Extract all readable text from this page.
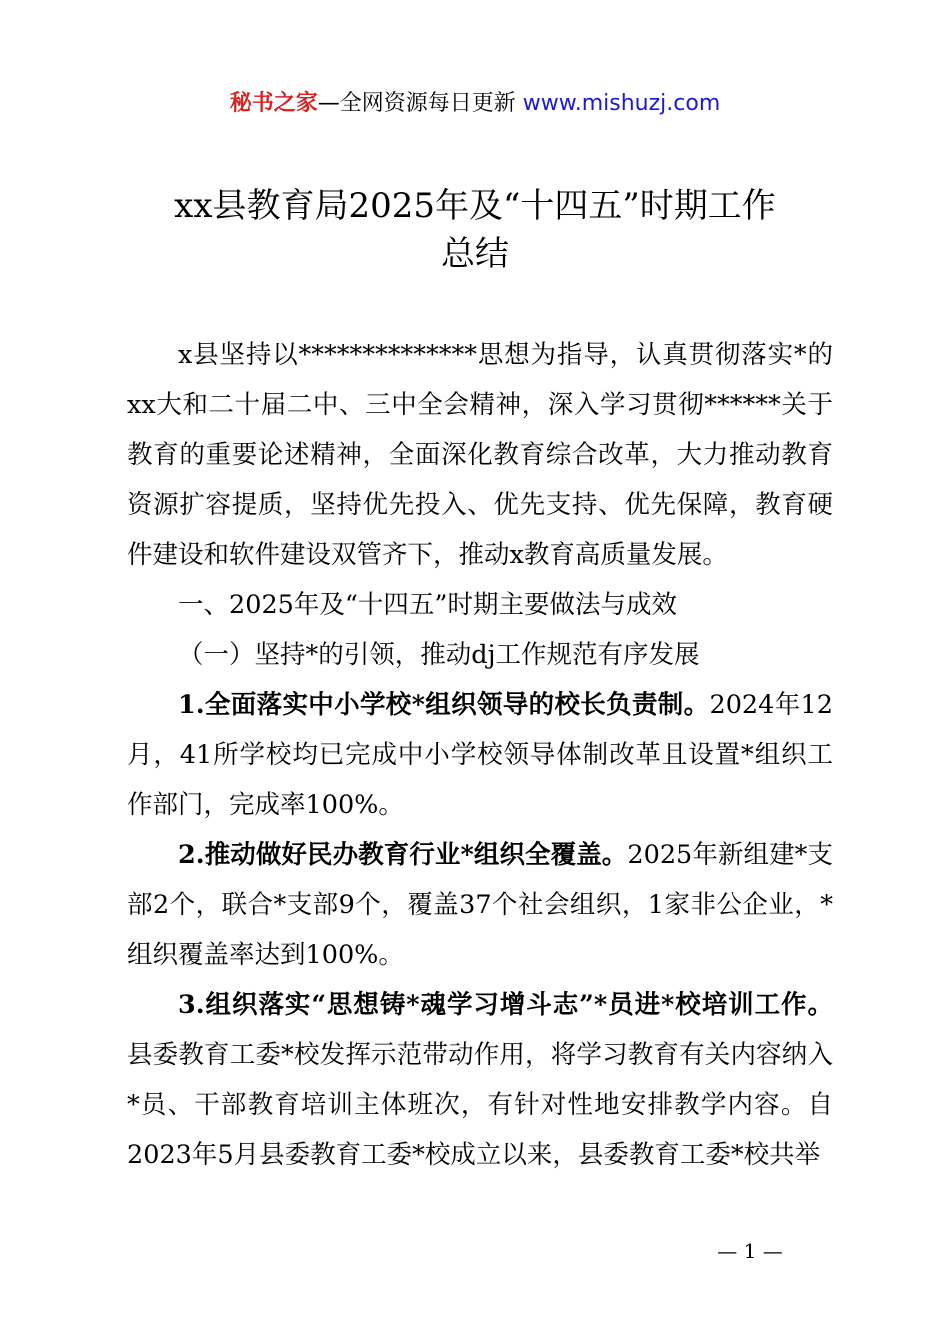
秘书之家—全网资源每日更新 www.mishuzj.com
xx县教育局2025年及“十四五”时期工作
总结

x县坚持以**************思想为指导，认真贯彻落实*的xx大和二十届二中、三中全会精神，深入学习贯彻******关于教育的重要论述精神，全面深化教育综合改革，大力推动教育资源扩容提质，坚持优先投入、优先支持、优先保障，教育硬件建设和软件建设双管齐下，推动x教育高质量发展。

一、2025年及“十四五”时期主要做法与成效

（一）坚持*的引领，推动dj工作规范有序发展

1.全面落实中小学校*组织领导的校长负责制。2024年12月，41所学校均已完成中小学校领导体制改革且设置*组织工作部门，完成率100%。

2.推动做好民办教育行业*组织全覆盖。2025年新组建*支部2个，联合*支部9个，覆盖37个社会组织，1家非公企业，*组织覆盖率达到100%。

3.组织落实“思想铸*魂学习增斗志”*员进*校培训工作。县委教育工委*校发挥示范带动作用，将学习教育有关内容纳入*员、干部教育培训主体班次，有针对性地安排教学内容。自2023年5月县委教育工委*校成立以来，县委教育工委*校共举

— 1 —
